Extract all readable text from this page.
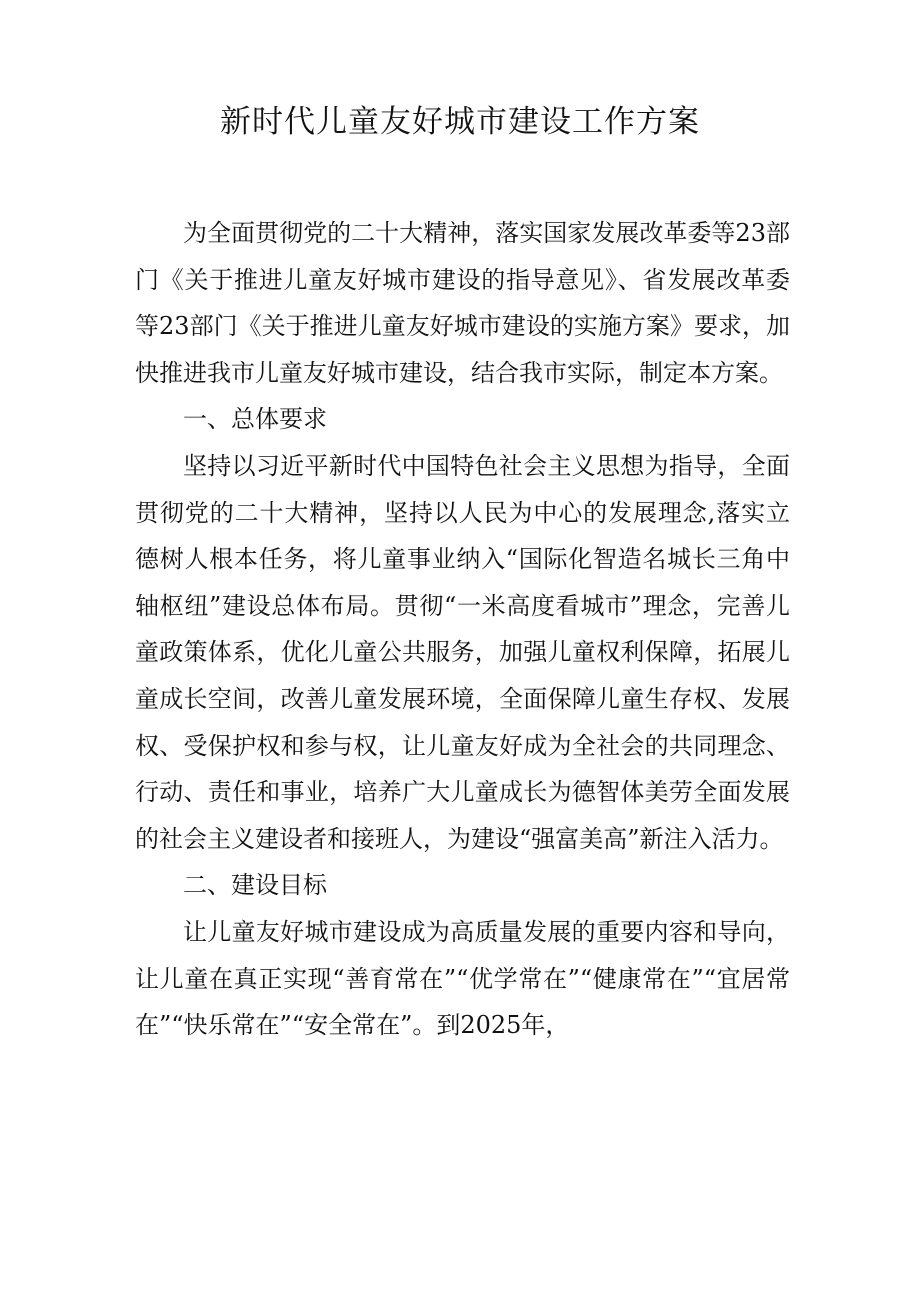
新时代儿童友好城市建设工作方案

为全面贯彻党的二十大精神，落实国家发展改革委等23部门《关于推进儿童友好城市建设的指导意见》、省发展改革委等23部门《关于推进儿童友好城市建设的实施方案》要求，加快推进我市儿童友好城市建设，结合我市实际，制定本方案。

一、总体要求

坚持以习近平新时代中国特色社会主义思想为指导，全面贯彻党的二十大精神，坚持以人民为中心的发展理念,落实立德树人根本任务，将儿童事业纳入“国际化智造名城长三角中轴枢纽”建设总体布局。贯彻“一米高度看城市”理念，完善儿童政策体系，优化儿童公共服务，加强儿童权利保障，拓展儿童成长空间，改善儿童发展环境，全面保障儿童生存权、发展权、受保护权和参与权，让儿童友好成为全社会的共同理念、行动、责任和事业，培养广大儿童成长为德智体美劳全面发展的社会主义建设者和接班人，为建设“强富美高”新注入活力。

二、建设目标

让儿童友好城市建设成为高质量发展的重要内容和导向，让儿童在真正实现“善育常在”“优学常在”“健康常在”“宜居常在”“快乐常在”“安全常在”。到2025年，
